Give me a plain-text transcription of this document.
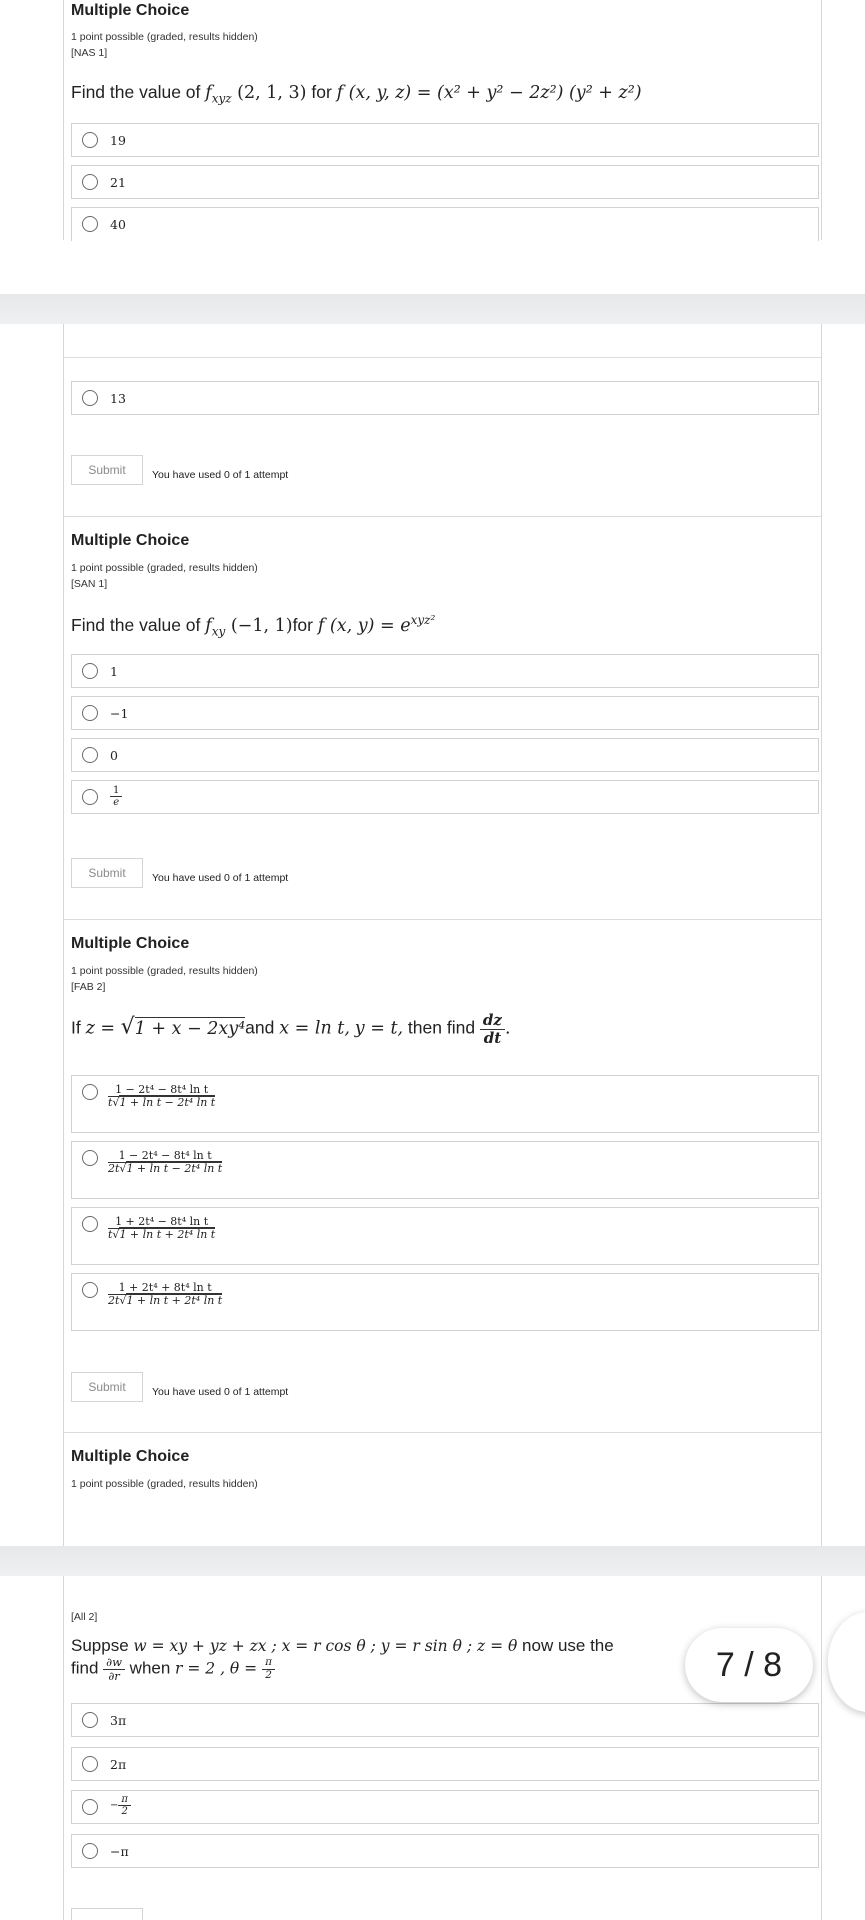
Multiple Choice
1 point possible (graded, results hidden)
[NAS 1]
Find the value of $f_{xyz}$ (2, 1, 3) for f (x, y, z) = (x² + y² − 2z²) (y² + z²)
19
21
40
13
Submit	You have used 0 of 1 attempt
Multiple Choice
1 point possible (graded, results hidden)
[SAN 1]
Find the value of $f_{xy}$ (−1, 1)for f (x, $y) = e^{xyz^2}$
1
−1
0
$\frac{1}{e}$
Submit	You have used 0 of 1 attempt
Multiple Choice
1 point possible (graded, results hidden)
[FAB 2]
If z = √1 + x − 2xy⁴and x = ln t, y = t, then find $\frac{dz}{dt}$ .
$\frac{\text{1 − 2t⁴ − 8t⁴ ln t}}{\text{t√1 + ln t − 2t⁴ ln t}}$
$\frac{\text{1 − 2t⁴ − 8t⁴ ln t}}{\text{2t√1 + ln t − 2t⁴ ln t}}$
$\frac{\text{1 + 2t⁴ − 8t⁴ ln t}}{\text{t√1 + ln t + 2t⁴ ln t}}$
$\frac{\text{1 + 2t⁴ + 8t⁴ ln t}}{\text{2t√1 + ln t + 2t⁴ ln t}}$
Submit	You have used 0 of 1 attempt
Multiple Choice
1 point possible (graded, results hidden)
[All 2]
Suppse w = xy + yz + zx ; x = r cos θ ; y = r sin θ ; z = θ now use the
find $\frac{\partial w}{\partial r}$ when r = 2 , $\theta = \frac{\pi}{2}$
3π
2π
− $\frac{\pi}{2}$
−π
7 / 8
